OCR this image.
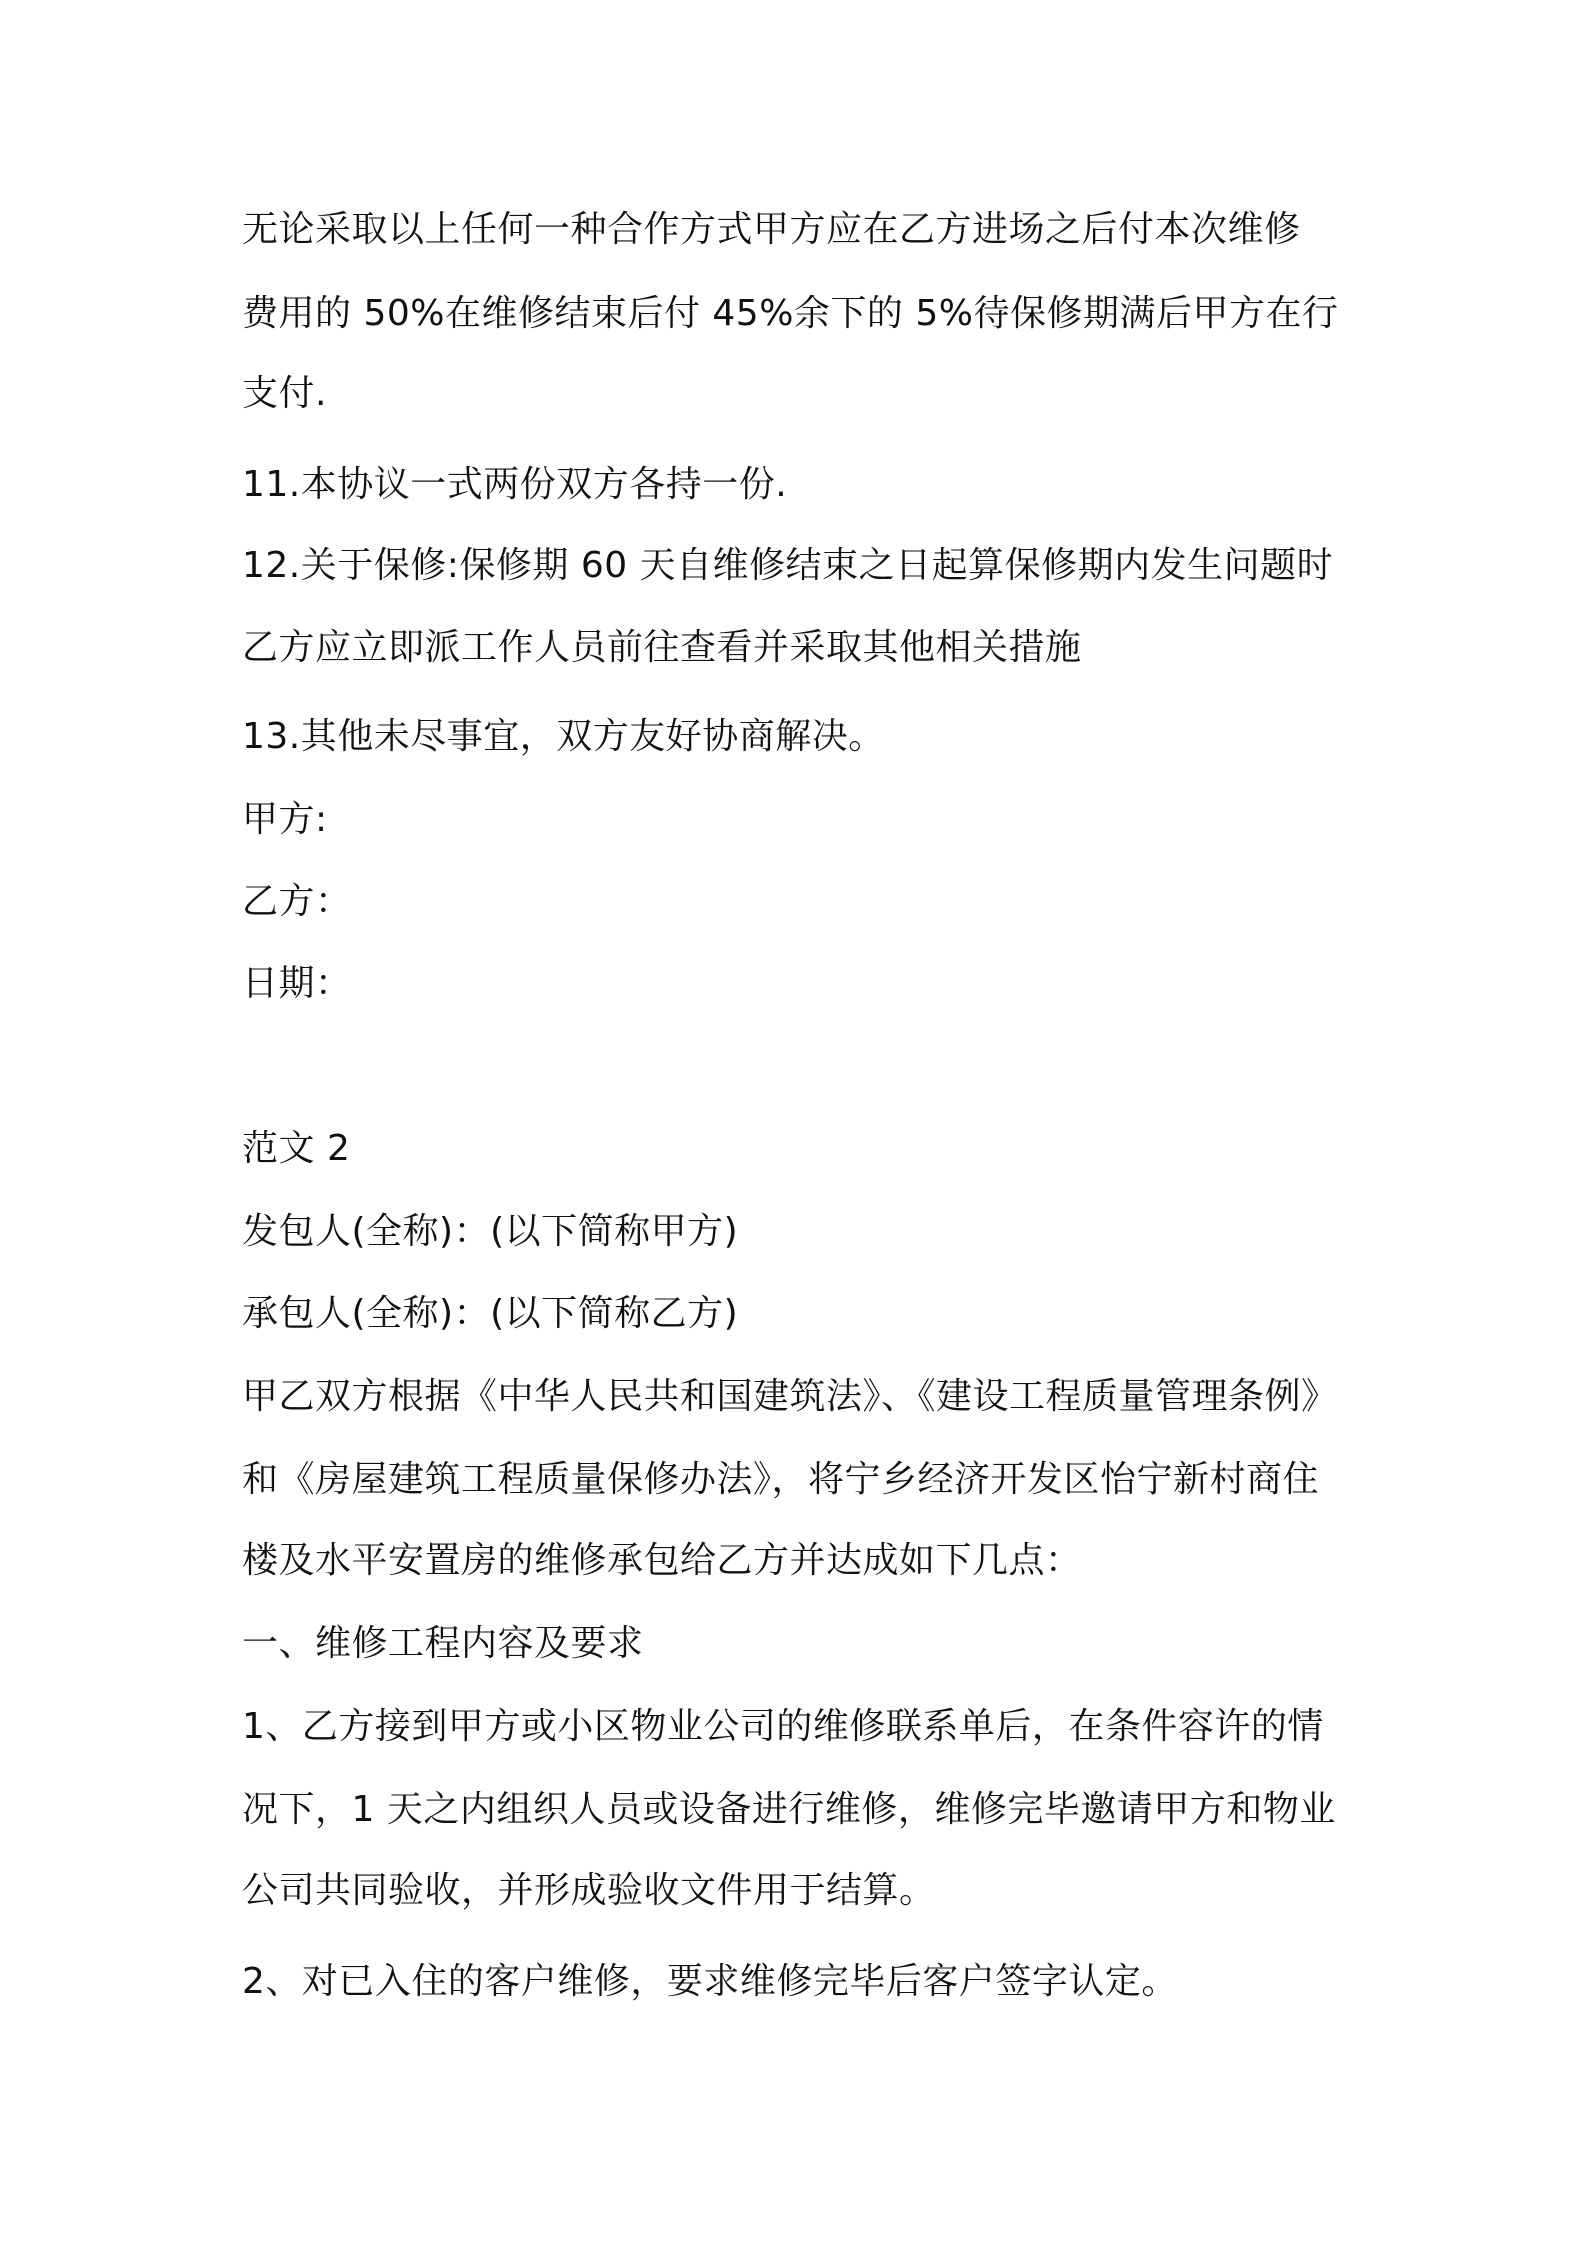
无论采取以上任何一种合作方式甲方应在乙方进场之后付本次维修
费用的 50%在维修结束后付 45%余下的 5%待保修期满后甲方在行
支付.
11.本协议一式两份双方各持一份.
12.关于保修:保修期 60 天自维修结束之日起算保修期内发生问题时
乙方应立即派工作人员前往查看并采取其他相关措施
13.其他未尽事宜，双方友好协商解决。
甲方:
乙方：
日期：
范文 2
发包人(全称)：(以下简称甲方)
承包人(全称)：(以下简称乙方)
甲乙双方根据《中华人民共和国建筑法》、《建设工程质量管理条例》
和《房屋建筑工程质量保修办法》，将宁乡经济开发区怡宁新村商住
楼及水平安置房的维修承包给乙方并达成如下几点：
一、维修工程内容及要求
1、乙方接到甲方或小区物业公司的维修联系单后，在条件容许的情
况下，1 天之内组织人员或设备进行维修，维修完毕邀请甲方和物业
公司共同验收，并形成验收文件用于结算。
2、对已入住的客户维修，要求维修完毕后客户签字认定。
